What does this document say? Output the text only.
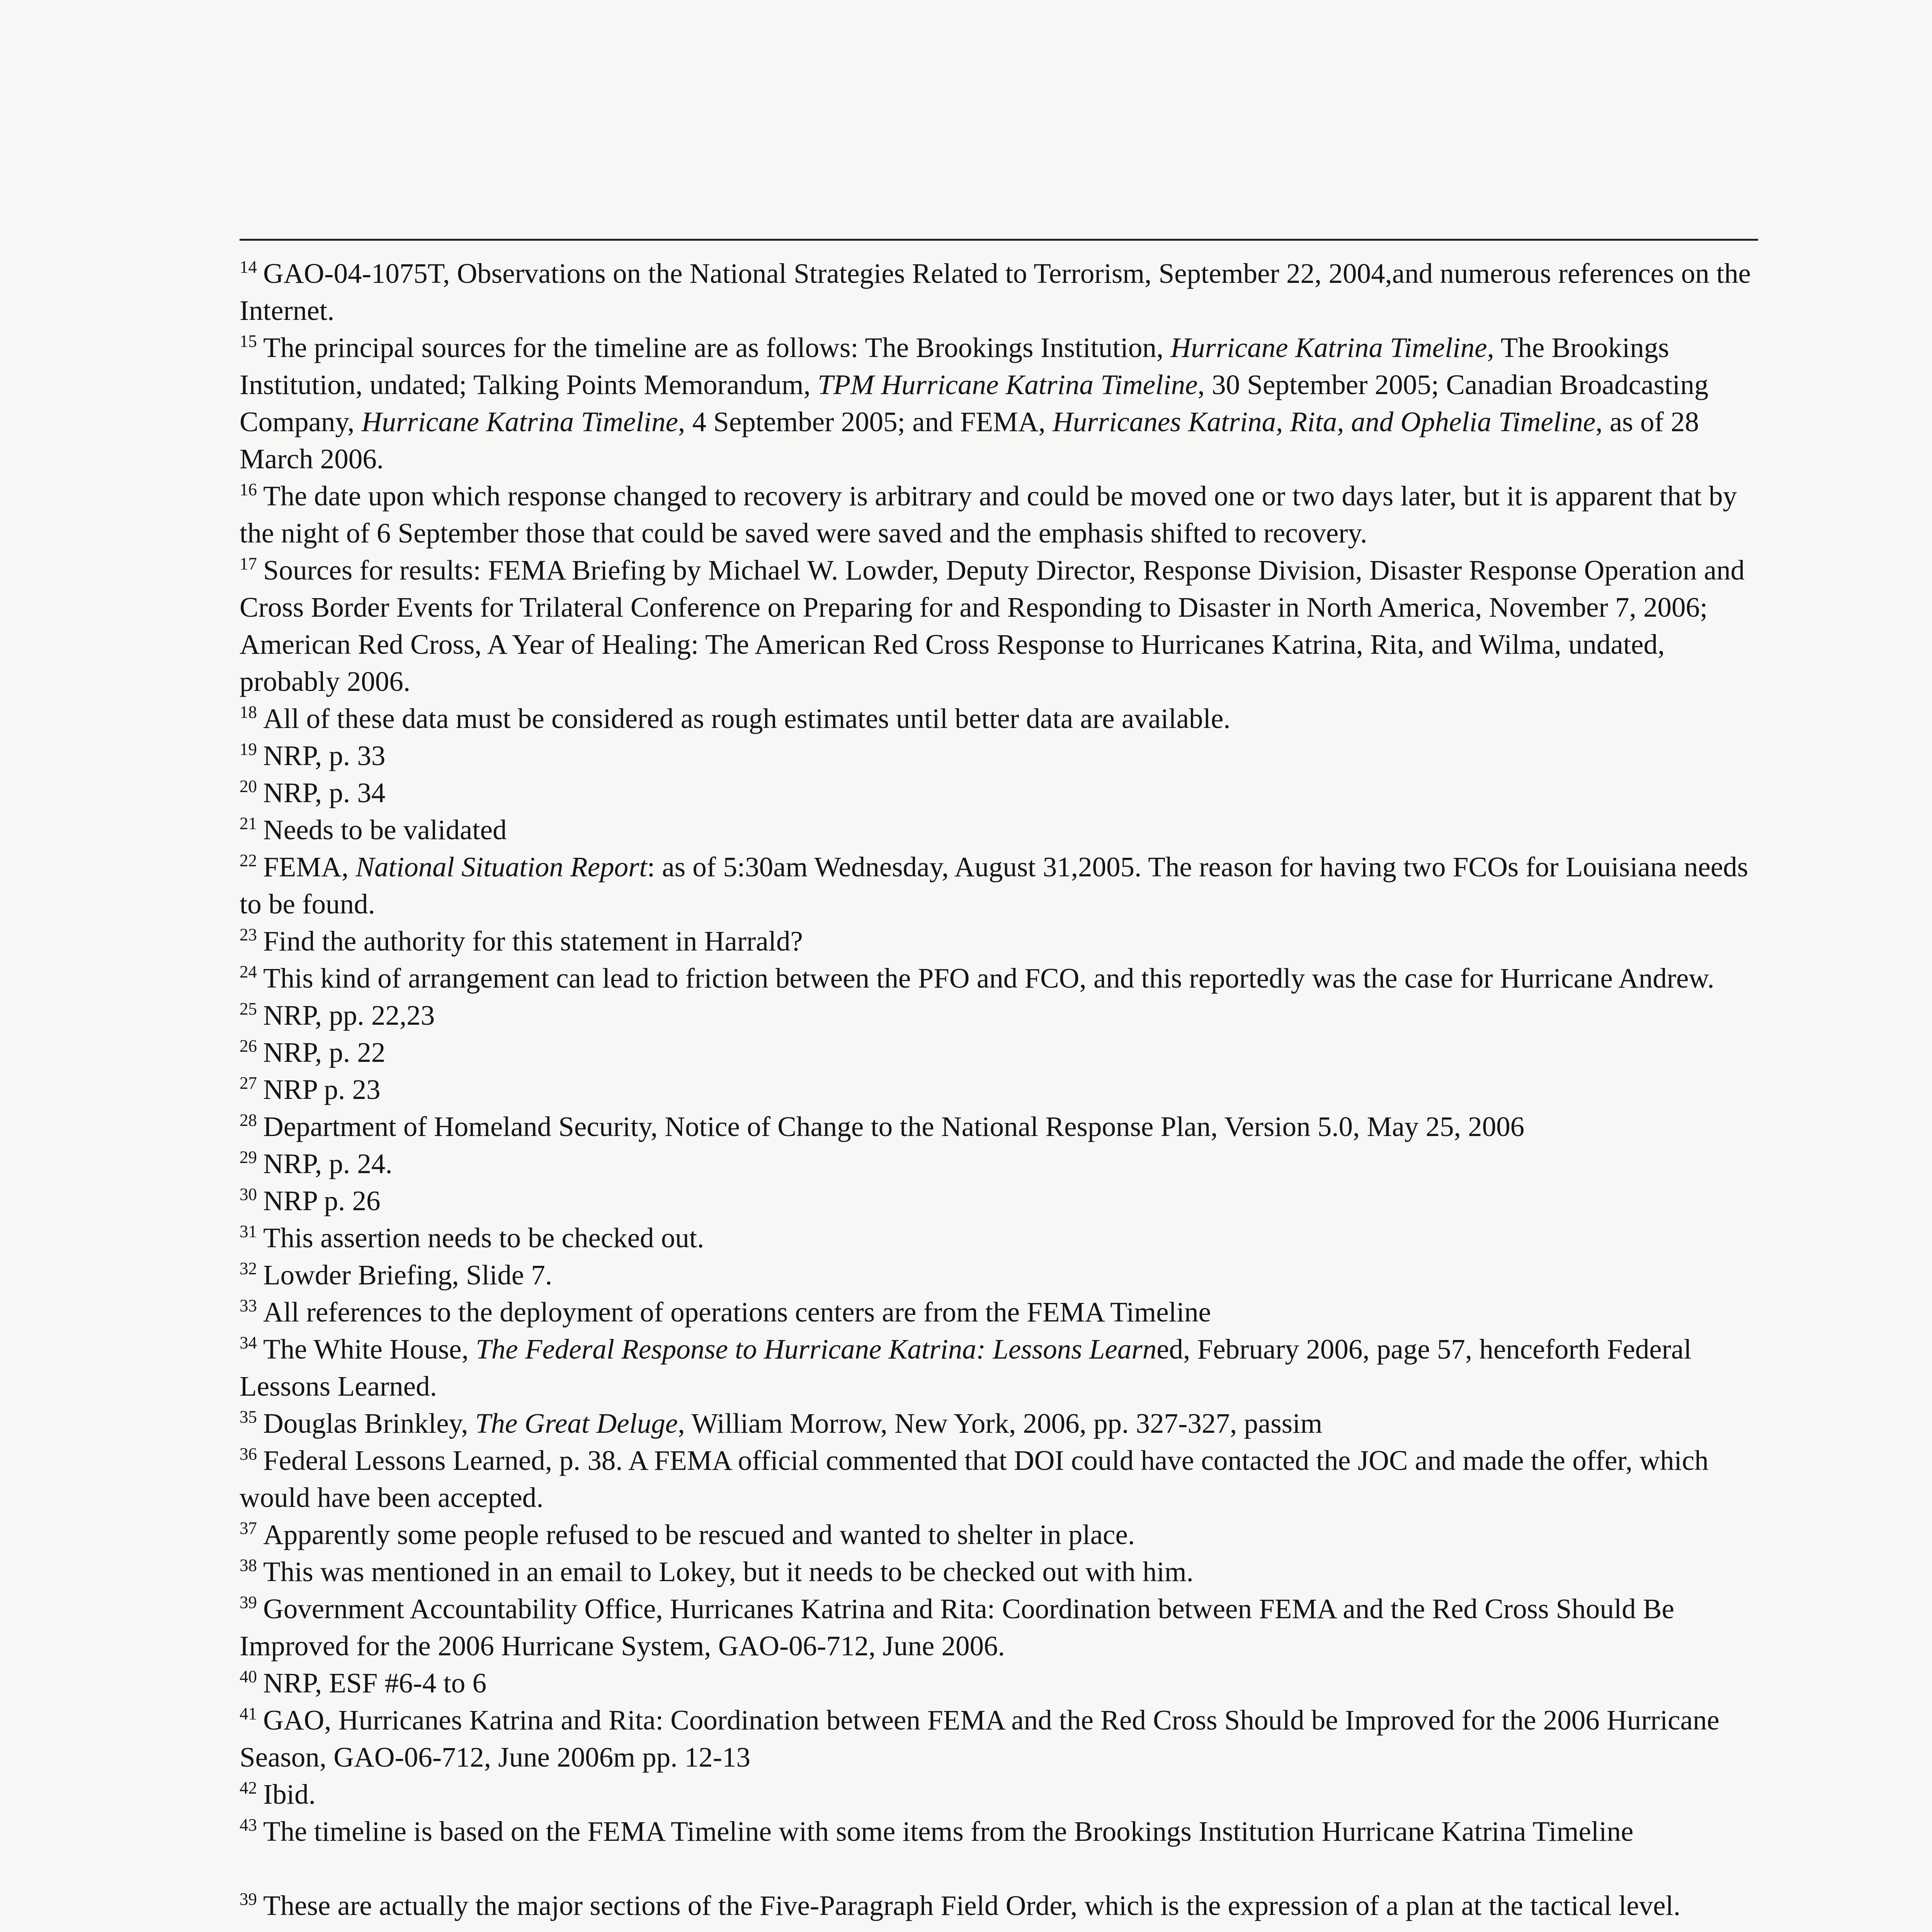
$^{14}$ GAO-04-1075T, Observations on the National Strategies Related to Terrorism, September 22, 2004,and numerous references on the Internet.

$^{15}$ The principal sources for the timeline are as follows: The Brookings Institution, Hurricane Katrina Timeline, The Brookings Institution, undated; Talking Points Memorandum, TPM Hurricane Katrina Timeline, 30 September 2005; Canadian Broadcasting Company, Hurricane Katrina Timeline, 4 September 2005; and FEMA, Hurricanes Katrina, Rita, and Ophelia Timeline, as of 28 March 2006.

$^{16}$ The date upon which response changed to recovery is arbitrary and could be moved one or two days later, but it is apparent that by the night of 6 September those that could be saved were saved and the emphasis shifted to recovery.

$^{17}$ Sources for results: FEMA Briefing by Michael W. Lowder, Deputy Director, Response Division, Disaster Response Operation and Cross Border Events for Trilateral Conference on Preparing for and Responding to Disaster in North America, November 7, 2006; American Red Cross, A Year of Healing: The American Red Cross Response to Hurricanes Katrina, Rita, and Wilma, undated, probably 2006.

$^{18}$ All of these data must be considered as rough estimates until better data are available.

$^{19}$ NRP, p. 33

$^{20}$ NRP, p. 34

$^{21}$ Needs to be validated

$^{22}$ FEMA, National Situation Report: as of 5:30am Wednesday, August 31,2005. The reason for having two FCOs for Louisiana needs to be found.

$^{23}$ Find the authority for this statement in Harrald?

$^{24}$ This kind of arrangement can lead to friction between the PFO and FCO, and this reportedly was the case for Hurricane Andrew.

$^{25}$ NRP, pp. 22,23

$^{26}$ NRP, p. 22

$^{27}$ NRP p. 23

$^{28}$ Department of Homeland Security, Notice of Change to the National Response Plan, Version 5.0, May 25, 2006

$^{29}$ NRP, p. 24.

$^{30}$ NRP p. 26

$^{31}$ This assertion needs to be checked out.

$^{32}$ Lowder Briefing, Slide 7.

$^{33}$ All references to the deployment of operations centers are from the FEMA Timeline

$^{34}$ The White House, The Federal Response to Hurricane Katrina: Lessons Learned, February 2006, page 57, henceforth Federal Lessons Learned.

$^{35}$ Douglas Brinkley, The Great Deluge, William Morrow, New York, 2006, pp. 327-327, passim

$^{36}$ Federal Lessons Learned, p. 38. A FEMA official commented that DOI could have contacted the JOC and made the offer, which would have been accepted.

$^{37}$ Apparently some people refused to be rescued and wanted to shelter in place.

$^{38}$ This was mentioned in an email to Lokey, but it needs to be checked out with him.

$^{39}$ Government Accountability Office, Hurricanes Katrina and Rita: Coordination between FEMA and the Red Cross Should Be Improved for the 2006 Hurricane System, GAO-06-712, June 2006.

$^{40}$ NRP, ESF #6-4 to 6

$^{41}$ GAO, Hurricanes Katrina and Rita: Coordination between FEMA and the Red Cross Should be Improved for the 2006 Hurricane Season, GAO-06-712, June 2006m pp. 12-13

$^{42}$ Ibid.

$^{43}$ The timeline is based on the FEMA Timeline with some items from the Brookings Institution Hurricane Katrina Timeline

$^{39}$ These are actually the major sections of the Five-Paragraph Field Order, which is the expression of a plan at the tactical level.
